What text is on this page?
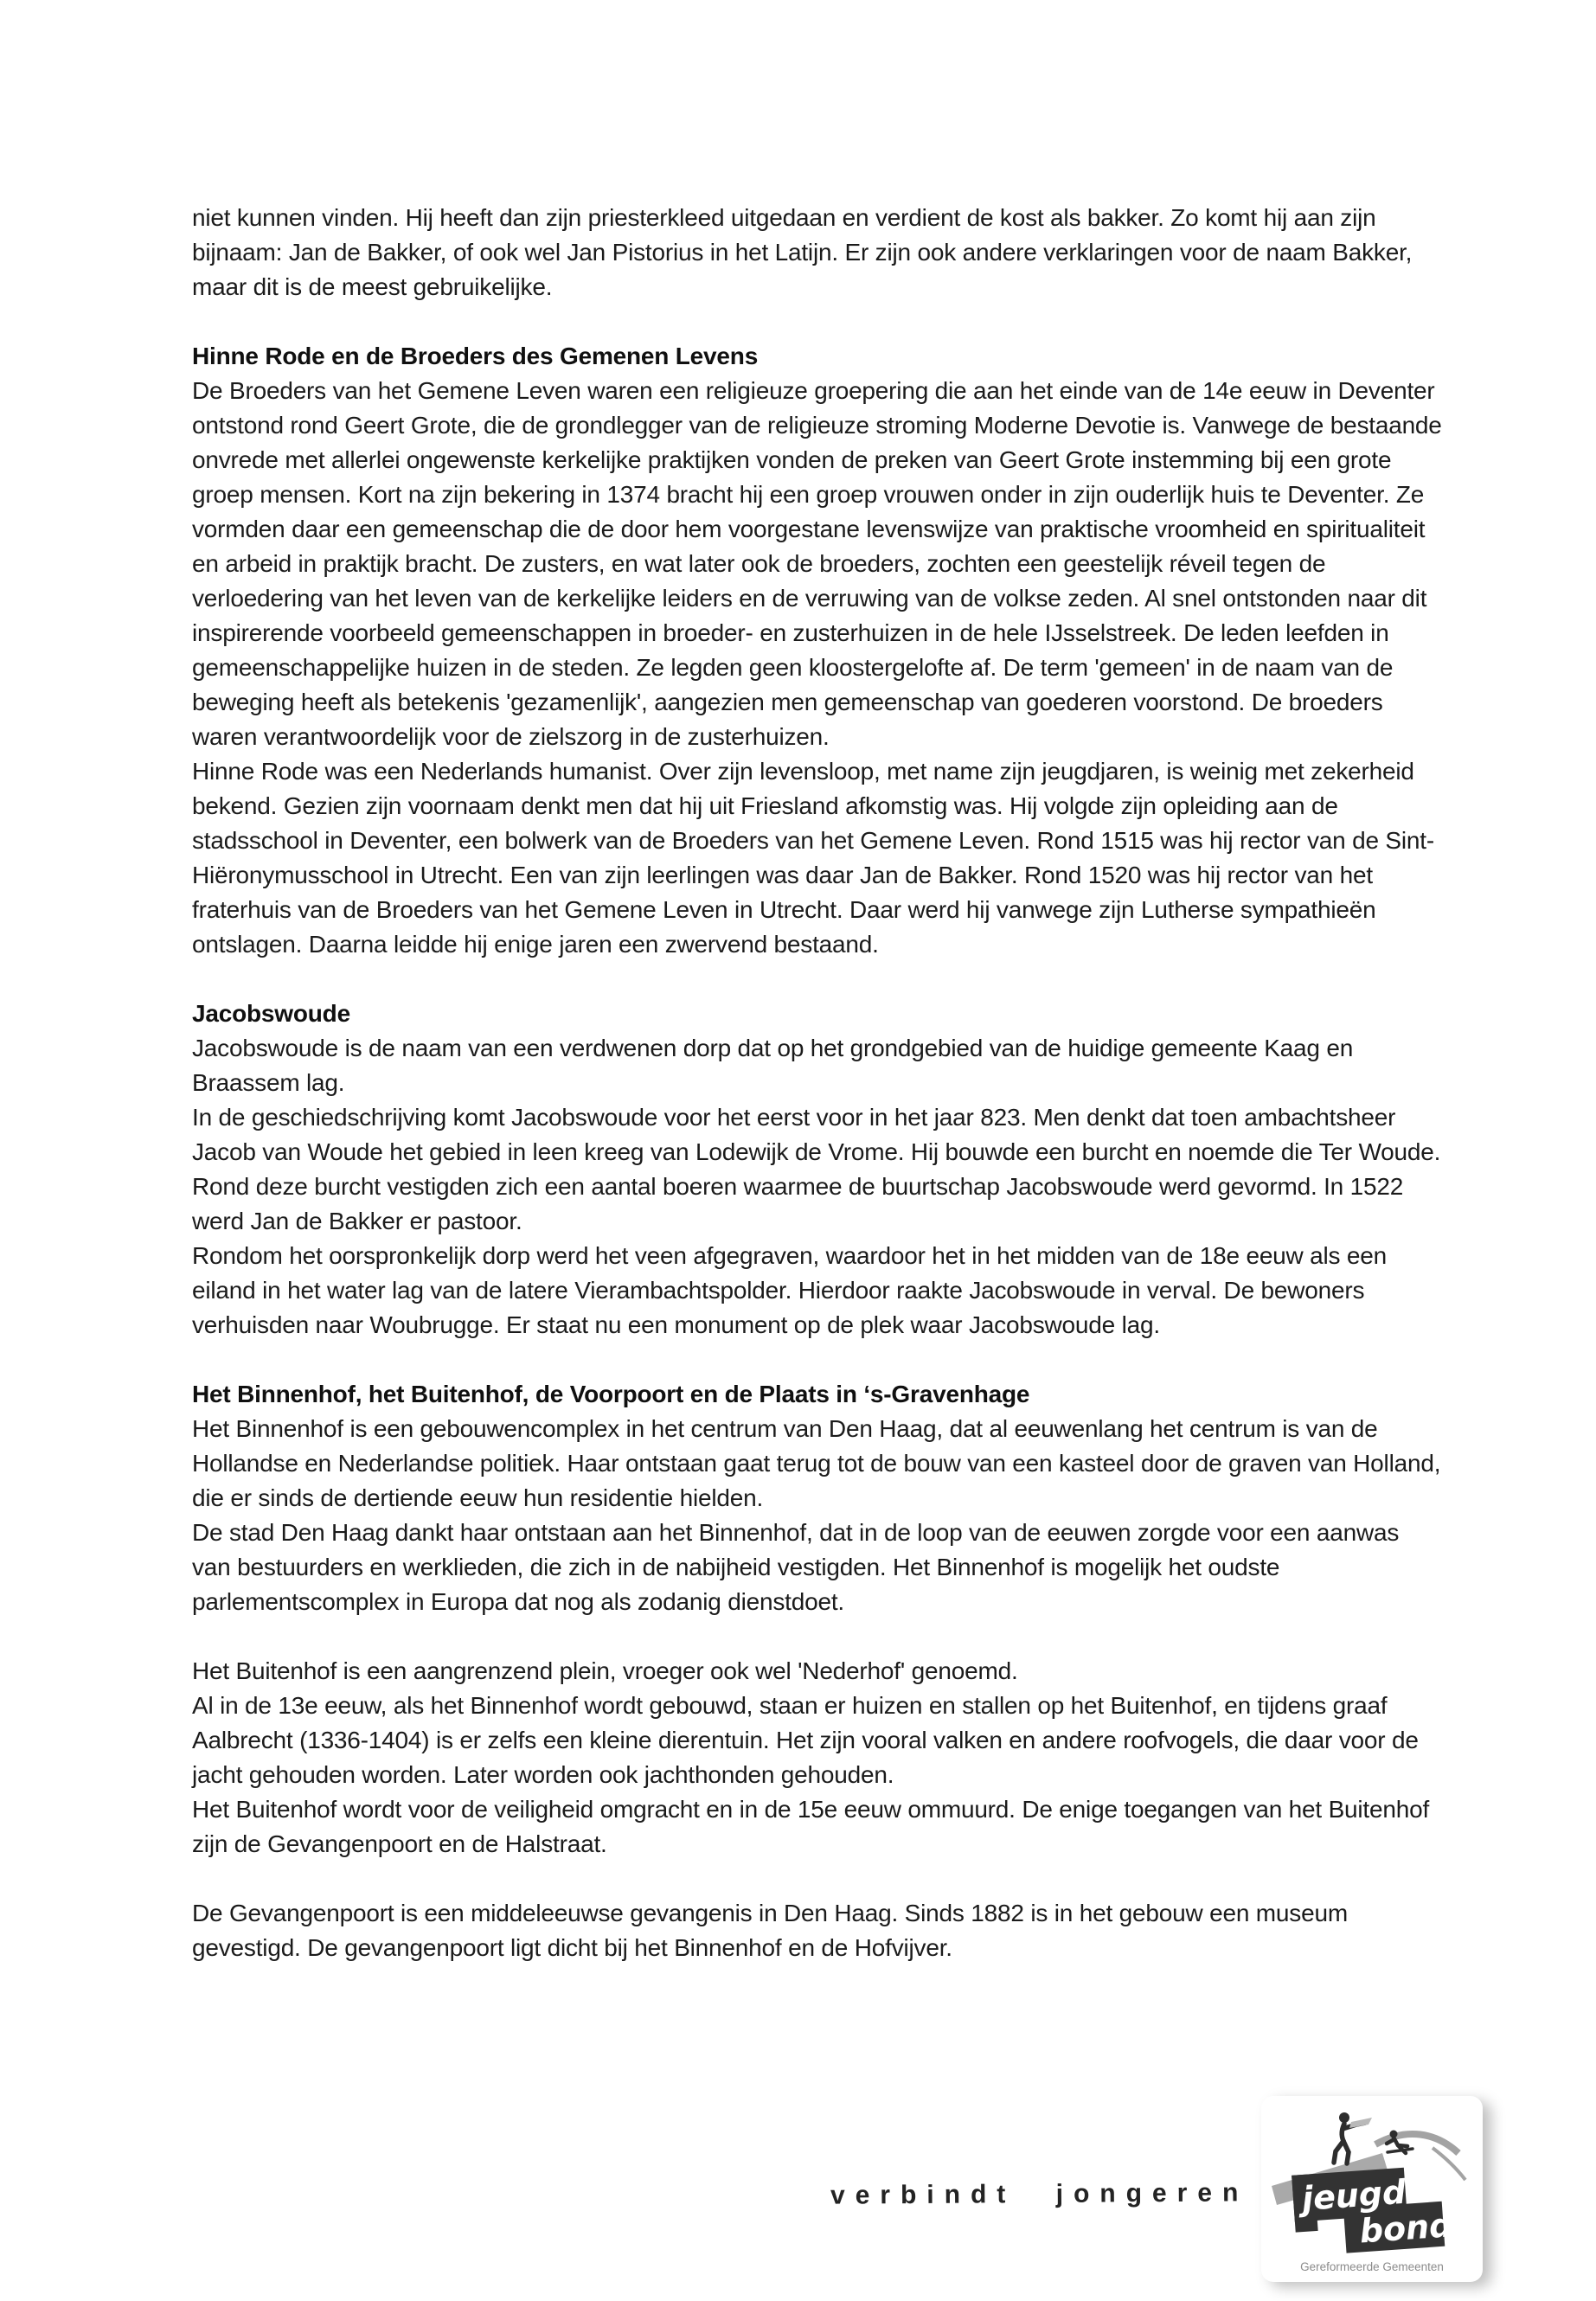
niet kunnen vinden. Hij heeft dan zijn priesterkleed uitgedaan en verdient de kost als bakker. Zo komt hij aan zijn bijnaam: Jan de Bakker, of ook wel Jan Pistorius in het Latijn. Er zijn ook andere verklaringen voor de naam Bakker, maar dit is de meest gebruikelijke.

Hinne Rode en de Broeders des Gemenen Levens

De Broeders van het Gemene Leven waren een religieuze groepering die aan het einde van de 14e eeuw in Deventer ontstond rond Geert Grote, die de grondlegger van de religieuze stroming Moderne Devotie is. Vanwege de bestaande onvrede met allerlei ongewenste kerkelijke praktijken vonden de preken van Geert Grote instemming bij een grote groep mensen. Kort na zijn bekering in 1374 bracht hij een groep vrouwen onder in zijn ouderlijk huis te Deventer. Ze vormden daar een gemeenschap die de door hem voorgestane levenswijze van praktische vroomheid en spiritualiteit en arbeid in praktijk bracht. De zusters, en wat later ook de broeders, zochten een geestelijk réveil tegen de verloedering van het leven van de kerkelijke leiders en de verruwing van de volkse zeden. Al snel ontstonden naar dit inspirerende voorbeeld gemeenschappen in broeder- en zusterhuizen in de hele IJsselstreek. De leden leefden in gemeenschappelijke huizen in de steden. Ze legden geen kloostergelofte af. De term 'gemeen' in de naam van de beweging heeft als betekenis 'gezamenlijk', aangezien men gemeenschap van goederen voorstond. De broeders waren verantwoordelijk voor de zielszorg in de zusterhuizen.

Hinne Rode was een Nederlands humanist. Over zijn levensloop, met name zijn jeugdjaren, is weinig met zekerheid bekend. Gezien zijn voornaam denkt men dat hij uit Friesland afkomstig was. Hij volgde zijn opleiding aan de stadsschool in Deventer, een bolwerk van de Broeders van het Gemene Leven. Rond 1515 was hij rector van de Sint-Hiëronymusschool in Utrecht. Een van zijn leerlingen was daar Jan de Bakker. Rond 1520 was hij rector van het fraterhuis van de Broeders van het Gemene Leven in Utrecht. Daar werd hij vanwege zijn Lutherse sympathieën ontslagen. Daarna leidde hij enige jaren een zwervend bestaand.

Jacobswoude

Jacobswoude is de naam van een verdwenen dorp dat op het grondgebied van de huidige gemeente Kaag en Braassem lag.

In de geschiedschrijving komt Jacobswoude voor het eerst voor in het jaar 823. Men denkt dat toen ambachtsheer Jacob van Woude het gebied in leen kreeg van Lodewijk de Vrome. Hij bouwde een burcht en noemde die Ter Woude. Rond deze burcht vestigden zich een aantal boeren waarmee de buurtschap Jacobswoude werd gevormd. In 1522 werd Jan de Bakker er pastoor.

Rondom het oorspronkelijk dorp werd het veen afgegraven, waardoor het in het midden van de 18e eeuw als een eiland in het water lag van de latere Vierambachtspolder. Hierdoor raakte Jacobswoude in verval. De bewoners verhuisden naar Woubrugge. Er staat nu een monument op de plek waar Jacobswoude lag.

Het Binnenhof, het Buitenhof, de Voorpoort en de Plaats in ‘s-Gravenhage

Het Binnenhof is een gebouwencomplex in het centrum van Den Haag, dat al eeuwenlang het centrum is van de Hollandse en Nederlandse politiek. Haar ontstaan gaat terug tot de bouw van een kasteel door de graven van Holland, die er sinds de dertiende eeuw hun residentie hielden.

De stad Den Haag dankt haar ontstaan aan het Binnenhof, dat in de loop van de eeuwen zorgde voor een aanwas van bestuurders en werklieden, die zich in de nabijheid vestigden. Het Binnenhof is mogelijk het oudste parlementscomplex in Europa dat nog als zodanig dienstdoet.

Het Buitenhof is een aangrenzend plein, vroeger ook wel 'Nederhof' genoemd.

Al in de 13e eeuw, als het Binnenhof wordt gebouwd, staan er huizen en stallen op het Buitenhof, en tijdens graaf Aalbrecht (1336-1404) is er zelfs een kleine dierentuin. Het zijn vooral valken en andere roofvogels, die daar voor de jacht gehouden worden. Later worden ook jachthonden gehouden.

Het Buitenhof wordt voor de veiligheid omgracht en in de 15e eeuw ommuurd. De enige toegangen van het Buitenhof zijn de Gevangenpoort en de Halstraat.

De Gevangenpoort is een middeleeuwse gevangenis in Den Haag. Sinds 1882 is in het gebouw een museum gevestigd. De gevangenpoort ligt dicht bij het Binnenhof en de Hofvijver.

verbindt jongeren jeugd
bond
Gereformeerde Gemeenten
